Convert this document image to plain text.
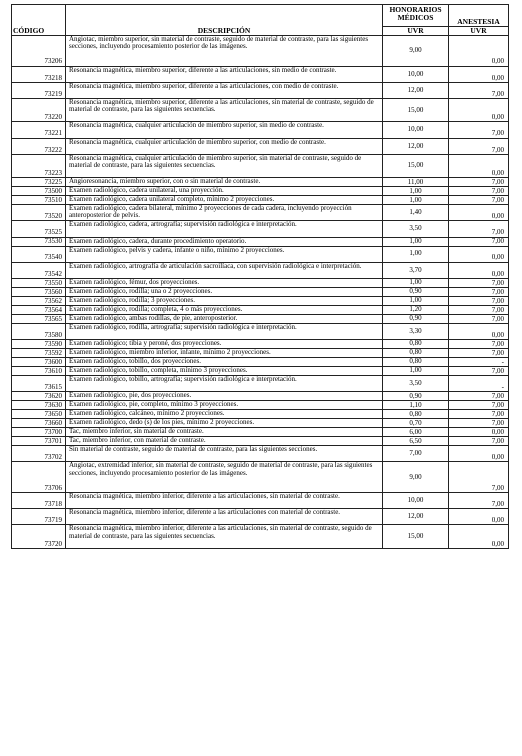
CÓDIGO	DESCRIPCIÓN	HONORARIOS MÉDICOS	ANESTESIA
		UVR	UVR
73206	Angiotac, miembro superior, sin material de contraste, seguido de material de contraste, para las siguientes secciones, incluyendo procesamiento posterior de las imágenes.	9,00	0,00
73218	Resonancia magnética, miembro superior, diferente a las articulaciones, sin medio de contraste.	10,00	0,00
73219	Resonancia magnética, miembro superior, diferente a las articulaciones, con medio de contraste.	12,00	7,00
73220	Resonancia magnética, miembro superior, diferente a las articulaciones, sin material de contraste, seguido de material de contraste, para las siguientes secuencias.	15,00	0,00
73221	Resonancia magnética, cualquier articulación de miembro superior, sin medio de contraste.	10,00	7,00
73222	Resonancia magnética, cualquier articulación de miembro superior, con medio de contraste.	12,00	7,00
73223	Resonancia magnética, cualquier articulación de miembro superior, sin material de contraste, seguido de material de contraste, para las siguientes secuencias.	15,00	0,00
73225	Angioresonancia, miembro superior, con o sin material de contraste.	11,00	7,00
73500	Examen radiológico, cadera unilateral, una proyección.	1,00	7,00
73510	Examen radiológico, cadera unilateral completo, mínimo 2 proyecciones.	1,00	7,00
73520	Examen radiológico, cadera bilateral, mínimo 2 proyecciones de cada cadera, incluyendo proyección anteroposterior de pelvis.	1,40	0,00
73525	Examen radiológico, cadera, artrografía; supervisión radiológica e interpretación.	3,50	7,00
73530	Examen radiológico, cadera, durante procedimiento operatorio.	1,00	7,00
73540	Examen radiológico, pelvis y cadera, infante o niño, mínimo 2 proyecciones.	1,00	0,00
73542	Examen radiológico, artrografía de articulación sacroilíaca, con supervisión radiológica e interpretación.	3,70	0,00
73550	Examen radiológico, fémur, dos proyecciones.	1,00	7,00
73560	Examen radiológico, rodilla; una o 2 proyecciones.	0,90	7,00
73562	Examen radiológico, rodilla; 3 proyecciones.	1,00	7,00
73564	Examen radiológico, rodilla; completa, 4 o más proyecciones.	1,20	7,00
73565	Examen radiológico, ambas rodillas, de pie, anteroposterior.	0,90	7,00
73580	Examen radiológico, rodilla, artrografía; supervisión radiológica e interpretación.	3,30	0,00
73590	Examen radiológico; tibia y peroné, dos proyecciones.	0,80	7,00
73592	Examen radiológico, miembro inferior, infante, mínimo 2 proyecciones.	0,80	7,00
73600	Examen radiológico, tobillo, dos proyecciones.	0,80	-
73610	Examen radiológico, tobillo, completa, mínimo 3 proyecciones.	1,00	7,00
73615	Examen radiológico, tobillo, artrografía; supervisión radiológica e interpretación.	3,50	-
73620	Examen radiológico, pie, dos proyecciones.	0,90	7,00
73630	Examen radiológico, pie, completo, mínimo 3 proyecciones.	1,10	7,00
73650	Examen radiológico, calcáneo, mínimo 2 proyecciones.	0,80	7,00
73660	Examen radiológico, dedo (s) de los pies, mínimo 2 proyecciones.	0,70	7,00
73700	Tac, miembro inferior, sin material de contraste.	6,00	0,00
73701	Tac, miembro inferior, con material de contraste.	6,50	7,00
73702	Sin material de contraste, seguido de material de contraste, para las siguientes secciones.	7,00	0,00
73706	Angiotac, extremidad inferior, sin material de contraste, seguido de material de contraste, para las siguientes secciones, incluyendo procesamiento posterior de las imágenes.	9,00	7,00
73718	Resonancia magnética, miembro inferior, diferente a las articulaciones, sin material de contraste.	10,00	7,00
73719	Resonancia magnética, miembro inferior, diferente a las articulaciones con material de contraste.	12,00	0,00
73720	Resonancia magnética, miembro inferior, diferente a las articulaciones, sin material de contraste, seguido de material de contraste, para las siguientes secuencias.	15,00	0,00
